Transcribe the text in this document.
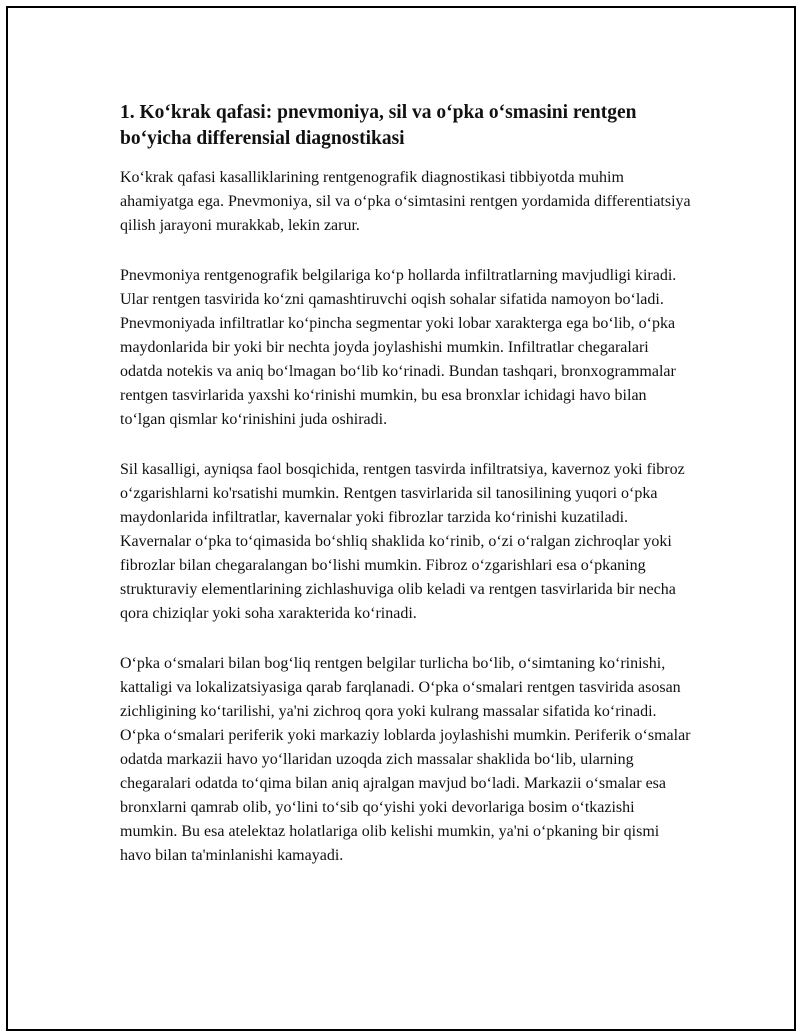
1. Ko‘krak qafasi: pnevmoniya, sil va o‘pka o‘smasini rentgen bo‘yicha differensial diagnostikasi

Ko‘krak qafasi kasalliklarining rentgenografik diagnostikasi tibbiyotda muhim ahamiyatga ega. Pnevmoniya, sil va o‘pka o‘simtasini rentgen yordamida differentiatsiya qilish jarayoni murakkab, lekin zarur.

Pnevmoniya rentgenografik belgilariga ko‘p hollarda infiltratlarning mavjudligi kiradi. Ular rentgen tasvirida ko‘zni qamashtiruvchi oqish sohalar sifatida namoyon bo‘ladi. Pnevmoniyada infiltratlar ko‘pincha segmentar yoki lobar xarakterga ega bo‘lib, o‘pka maydonlarida bir yoki bir nechta joyda joylashishi mumkin. Infiltratlar chegaralari odatda notekis va aniq bo‘lmagan bo‘lib ko‘rinadi. Bundan tashqari, bronxogrammalar rentgen tasvirlarida yaxshi ko‘rinishi mumkin, bu esa bronxlar ichidagi havo bilan to‘lgan qismlar ko‘rinishini juda oshiradi.

Sil kasalligi, ayniqsa faol bosqichida, rentgen tasvirda infiltratsiya, kavernoz yoki fibroz o‘zgarishlarni ko'rsatishi mumkin. Rentgen tasvirlarida sil tanosilining yuqori o‘pka maydonlarida infiltratlar, kavernalar yoki fibrozlar tarzida ko‘rinishi kuzatiladi. Kavernalar o‘pka to‘qimasida bo‘shliq shaklida ko‘rinib, o‘zi o‘ralgan zichroqlar yoki fibrozlar bilan chegaralangan bo‘lishi mumkin. Fibroz o‘zgarishlari esa o‘pkaning strukturaviy elementlarining zichlashuviga olib keladi va rentgen tasvirlarida bir necha qora chiziqlar yoki soha xarakterida ko‘rinadi.

O‘pka o‘smalari bilan bog‘liq rentgen belgilar turlicha bo‘lib, o‘simtaning ko‘rinishi, kattaligi va lokalizatsiyasiga qarab farqlanadi. O‘pka o‘smalari rentgen tasvirida asosan zichligining ko‘tarilishi, ya'ni zichroq qora yoki kulrang massalar sifatida ko‘rinadi. O‘pka o‘smalari periferik yoki markaziy loblarda joylashishi mumkin. Periferik o‘smalar odatda markazii havo yo‘llaridan uzoqda zich massalar shaklida bo‘lib, ularning chegaralari odatda to‘qima bilan aniq ajralgan mavjud bo‘ladi. Markazii o‘smalar esa bronxlarni qamrab olib, yo‘lini to‘sib qo‘yishi yoki devorlariga bosim o‘tkazishi mumkin. Bu esa atelektaz holatlariga olib kelishi mumkin, ya'ni o‘pkaning bir qismi havo bilan ta'minlanishi kamayadi.
